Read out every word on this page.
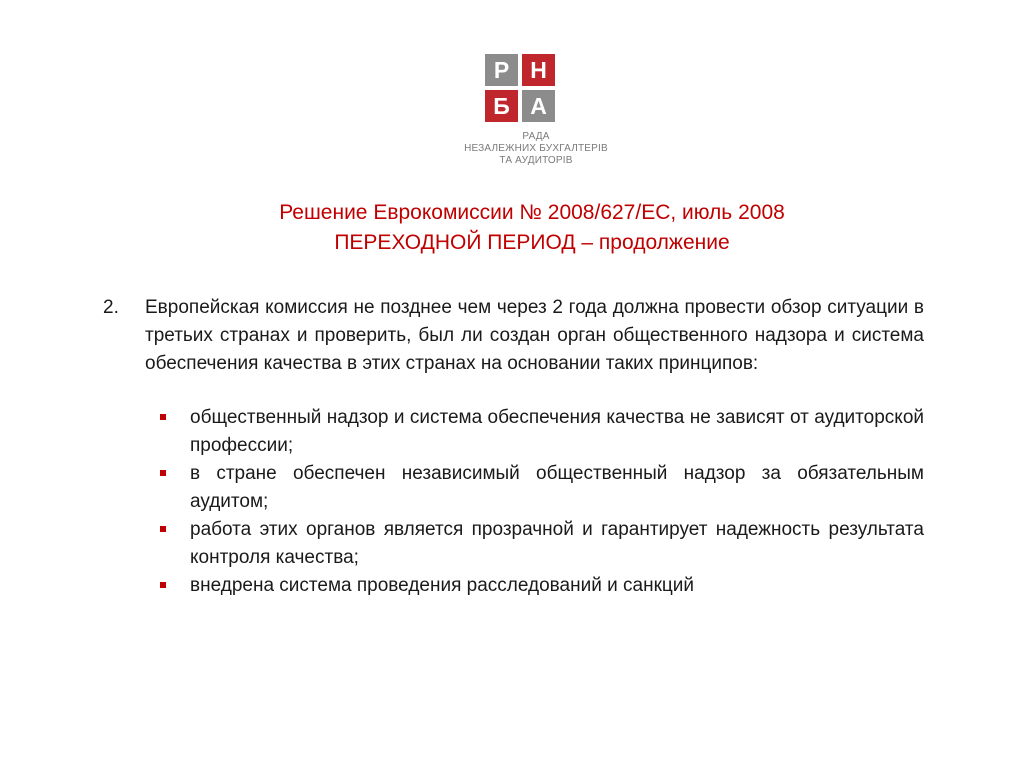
Р Н
Б А
РАДА
НЕЗАЛЕЖНИХ БУХГАЛТЕРІВ
ТА АУДИТОРІВ
Решение Еврокомиссии № 2008/627/ЕС, июль 2008
ПЕРЕХОДНОЙ ПЕРИОД – продолжение
2.	Европейская комиссия не позднее чем через 2 года должна провести обзор ситуации в третьих странах и проверить, был ли создан орган общественного надзора и система обеспечения качества в этих странах на основании таких принципов:
общественный надзор и система обеспечения качества не зависят от аудиторской профессии;
в стране обеспечен независимый общественный надзор за обязательным аудитом;
работа этих органов является прозрачной и гарантирует надежность результата контроля качества;
внедрена система проведения расследований и санкций
